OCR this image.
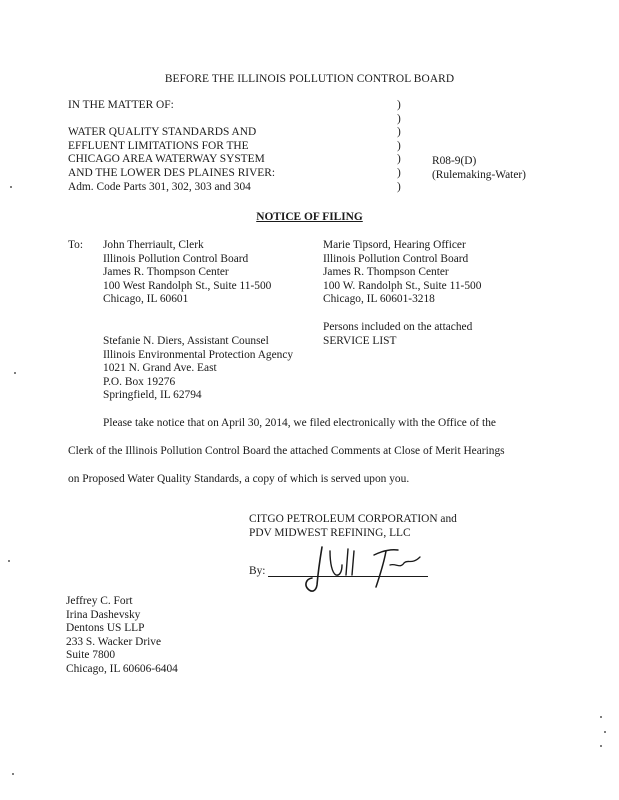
BEFORE THE ILLINOIS POLLUTION CONTROL BOARD
IN THE MATTER OF:
WATER QUALITY STANDARDS AND
EFFLUENT LIMITATIONS FOR THE
CHICAGO AREA WATERWAY SYSTEM
AND THE LOWER DES PLAINES RIVER:
Adm. Code Parts 301, 302, 303 and 304
)
)
)
)
)
)
)
R08-9(D)
(Rulemaking-Water)
NOTICE OF FILING
To: John Therriault, Clerk
Illinois Pollution Control Board
James R. Thompson Center
100 West Randolph St., Suite 11-500
Chicago, IL 60601
Marie Tipsord, Hearing Officer
Illinois Pollution Control Board
James R. Thompson Center
100 W. Randolph St., Suite 11-500
Chicago, IL 60601-3218
Stefanie N. Diers, Assistant Counsel
Illinois Environmental Protection Agency
1021 N. Grand Ave. East
P.O. Box 19276
Springfield, IL 62794
Persons included on the attached
SERVICE LIST
Please take notice that on April 30, 2014, we filed electronically with the Office of the
Clerk of the Illinois Pollution Control Board the attached Comments at Close of Merit Hearings
on Proposed Water Quality Standards, a copy of which is served upon you.
CITGO PETROLEUM CORPORATION and
PDV MIDWEST REFINING, LLC
By:
Jeffrey C. Fort
Irina Dashevsky
Dentons US LLP
233 S. Wacker Drive
Suite 7800
Chicago, IL 60606-6404
